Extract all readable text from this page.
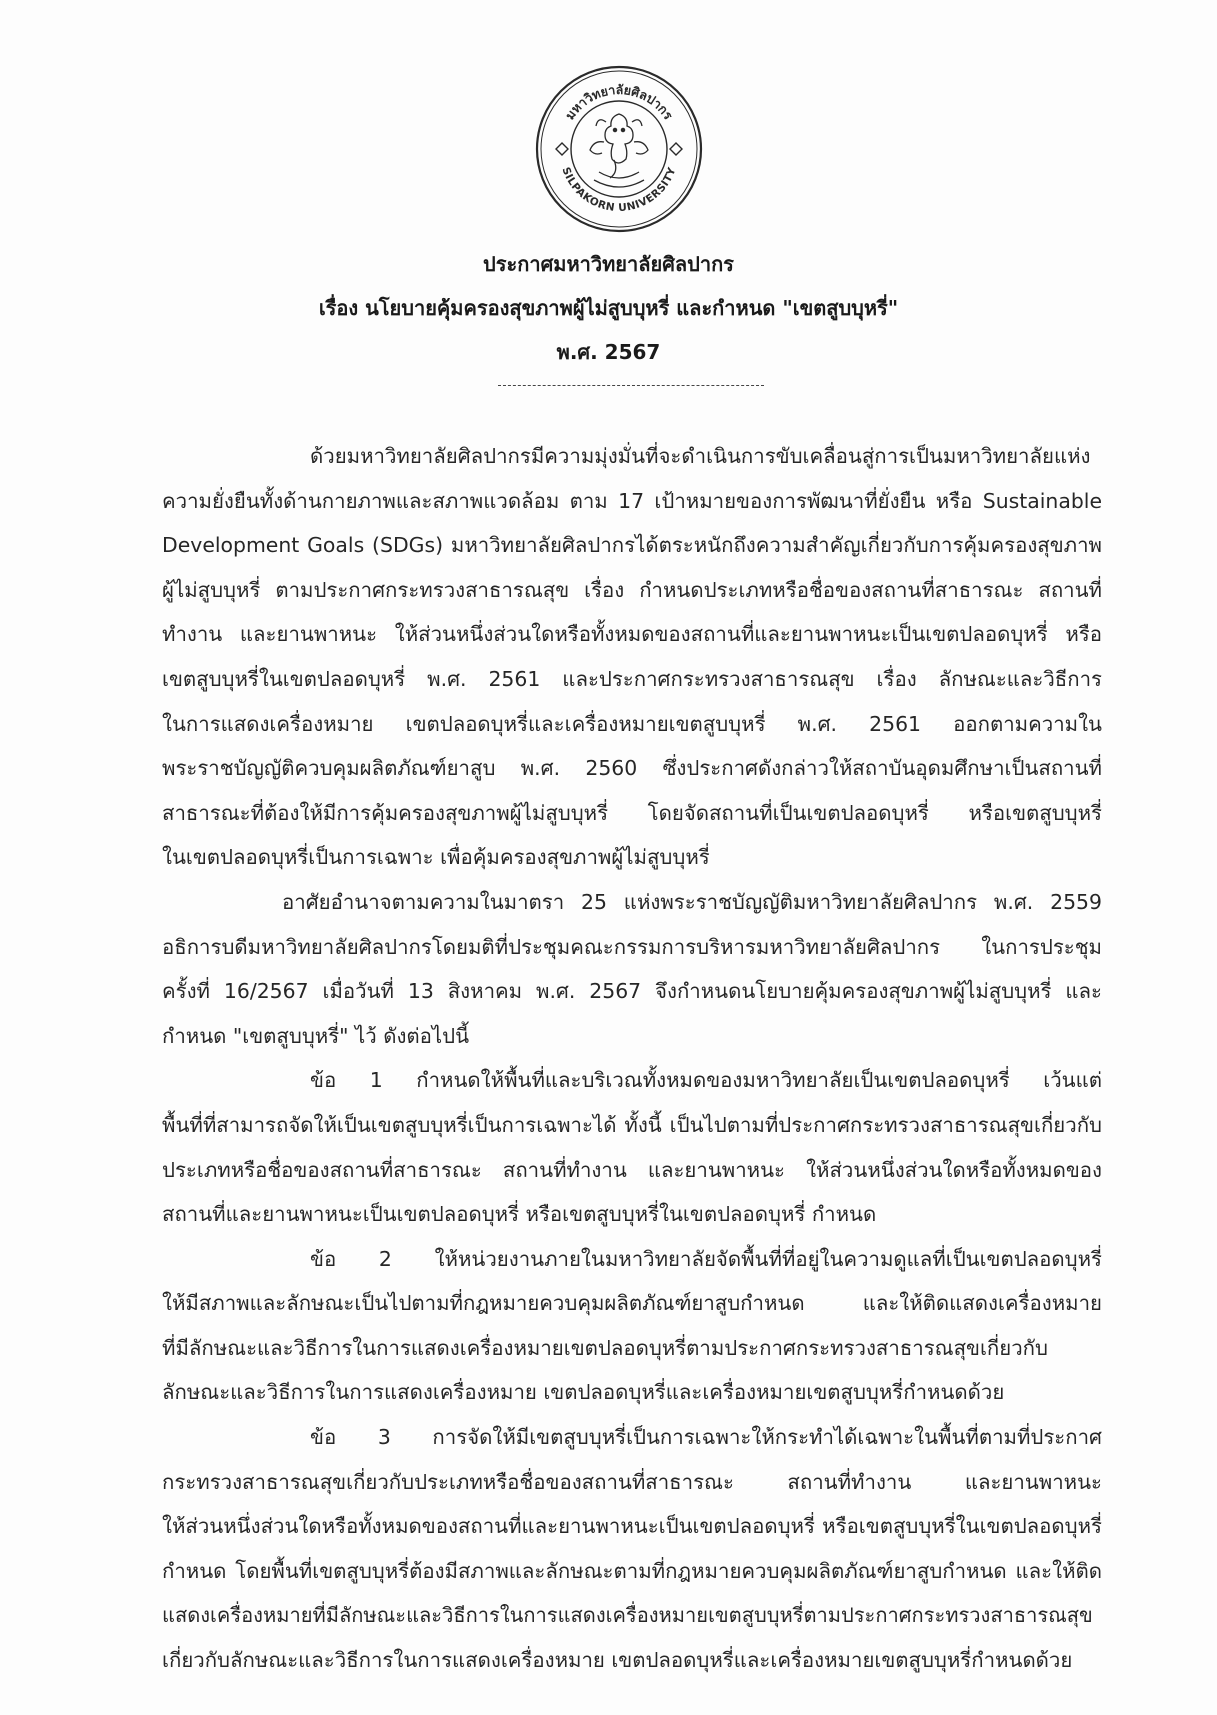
มหาวิทยาลัยศิลปากร
SILPAKORN UNIVERSITY
ประกาศมหาวิทยาลัยศิลปากร
เรื่อง นโยบายคุ้มครองสุขภาพผู้ไม่สูบบุหรี่ และกำหนด "เขตสูบบุหรี่"
พ.ศ. 2567
ด้วยมหาวิทยาลัยศิลปากรมีความมุ่งมั่นที่จะดำเนินการขับเคลื่อนสู่การเป็นมหาวิทยาลัยแห่ง
ความยั่งยืนทั้งด้านกายภาพและสภาพแวดล้อม ตาม 17 เป้าหมายของการพัฒนาที่ยั่งยืน หรือ Sustainable
Development Goals (SDGs) มหาวิทยาลัยศิลปากรได้ตระหนักถึงความสำคัญเกี่ยวกับการคุ้มครองสุขภาพ
ผู้ไม่สูบบุหรี่ ตามประกาศกระทรวงสาธารณสุข เรื่อง กำหนดประเภทหรือชื่อของสถานที่สาธารณะ สถานที่
ทำงาน และยานพาหนะ ให้ส่วนหนึ่งส่วนใดหรือทั้งหมดของสถานที่และยานพาหนะเป็นเขตปลอดบุหรี่ หรือ
เขตสูบบุหรี่ในเขตปลอดบุหรี่ พ.ศ. 2561 และประกาศกระทรวงสาธารณสุข เรื่อง ลักษณะและวิธีการ
ในการแสดงเครื่องหมาย เขตปลอดบุหรี่และเครื่องหมายเขตสูบบุหรี่ พ.ศ. 2561 ออกตามความใน
พระราชบัญญัติควบคุมผลิตภัณฑ์ยาสูบ พ.ศ. 2560 ซึ่งประกาศดังกล่าวให้สถาบันอุดมศึกษาเป็นสถานที่
สาธารณะที่ต้องให้มีการคุ้มครองสุขภาพผู้ไม่สูบบุหรี่ โดยจัดสถานที่เป็นเขตปลอดบุหรี่ หรือเขตสูบบุหรี่
ในเขตปลอดบุหรี่เป็นการเฉพาะ เพื่อคุ้มครองสุขภาพผู้ไม่สูบบุหรี่
อาศัยอำนาจตามความในมาตรา 25 แห่งพระราชบัญญัติมหาวิทยาลัยศิลปากร พ.ศ. 2559
อธิการบดีมหาวิทยาลัยศิลปากรโดยมติที่ประชุมคณะกรรมการบริหารมหาวิทยาลัยศิลปากร ในการประชุม
ครั้งที่ 16/2567 เมื่อวันที่ 13 สิงหาคม พ.ศ. 2567 จึงกำหนดนโยบายคุ้มครองสุขภาพผู้ไม่สูบบุหรี่ และ
กำหนด "เขตสูบบุหรี่" ไว้ ดังต่อไปนี้
ข้อ 1 กำหนดให้พื้นที่และบริเวณทั้งหมดของมหาวิทยาลัยเป็นเขตปลอดบุหรี่ เว้นแต่
พื้นที่ที่สามารถจัดให้เป็นเขตสูบบุหรี่เป็นการเฉพาะได้ ทั้งนี้ เป็นไปตามที่ประกาศกระทรวงสาธารณสุขเกี่ยวกับ
ประเภทหรือชื่อของสถานที่สาธารณะ สถานที่ทำงาน และยานพาหนะ ให้ส่วนหนึ่งส่วนใดหรือทั้งหมดของ
สถานที่และยานพาหนะเป็นเขตปลอดบุหรี่ หรือเขตสูบบุหรี่ในเขตปลอดบุหรี่ กำหนด
ข้อ 2 ให้หน่วยงานภายในมหาวิทยาลัยจัดพื้นที่ที่อยู่ในความดูแลที่เป็นเขตปลอดบุหรี่
ให้มีสภาพและลักษณะเป็นไปตามที่กฎหมายควบคุมผลิตภัณฑ์ยาสูบกำหนด และให้ติดแสดงเครื่องหมาย
ที่มีลักษณะและวิธีการในการแสดงเครื่องหมายเขตปลอดบุหรี่ตามประกาศกระทรวงสาธารณสุขเกี่ยวกับ
ลักษณะและวิธีการในการแสดงเครื่องหมาย เขตปลอดบุหรี่และเครื่องหมายเขตสูบบุหรี่กำหนดด้วย
ข้อ 3 การจัดให้มีเขตสูบบุหรี่เป็นการเฉพาะให้กระทำได้เฉพาะในพื้นที่ตามที่ประกาศ
กระทรวงสาธารณสุขเกี่ยวกับประเภทหรือชื่อของสถานที่สาธารณะ สถานที่ทำงาน และยานพาหนะ
ให้ส่วนหนึ่งส่วนใดหรือทั้งหมดของสถานที่และยานพาหนะเป็นเขตปลอดบุหรี่ หรือเขตสูบบุหรี่ในเขตปลอดบุหรี่
กำหนด โดยพื้นที่เขตสูบบุหรี่ต้องมีสภาพและลักษณะตามที่กฎหมายควบคุมผลิตภัณฑ์ยาสูบกำหนด และให้ติด
แสดงเครื่องหมายที่มีลักษณะและวิธีการในการแสดงเครื่องหมายเขตสูบบุหรี่ตามประกาศกระทรวงสาธารณสุข
เกี่ยวกับลักษณะและวิธีการในการแสดงเครื่องหมาย เขตปลอดบุหรี่และเครื่องหมายเขตสูบบุหรี่กำหนดด้วย
